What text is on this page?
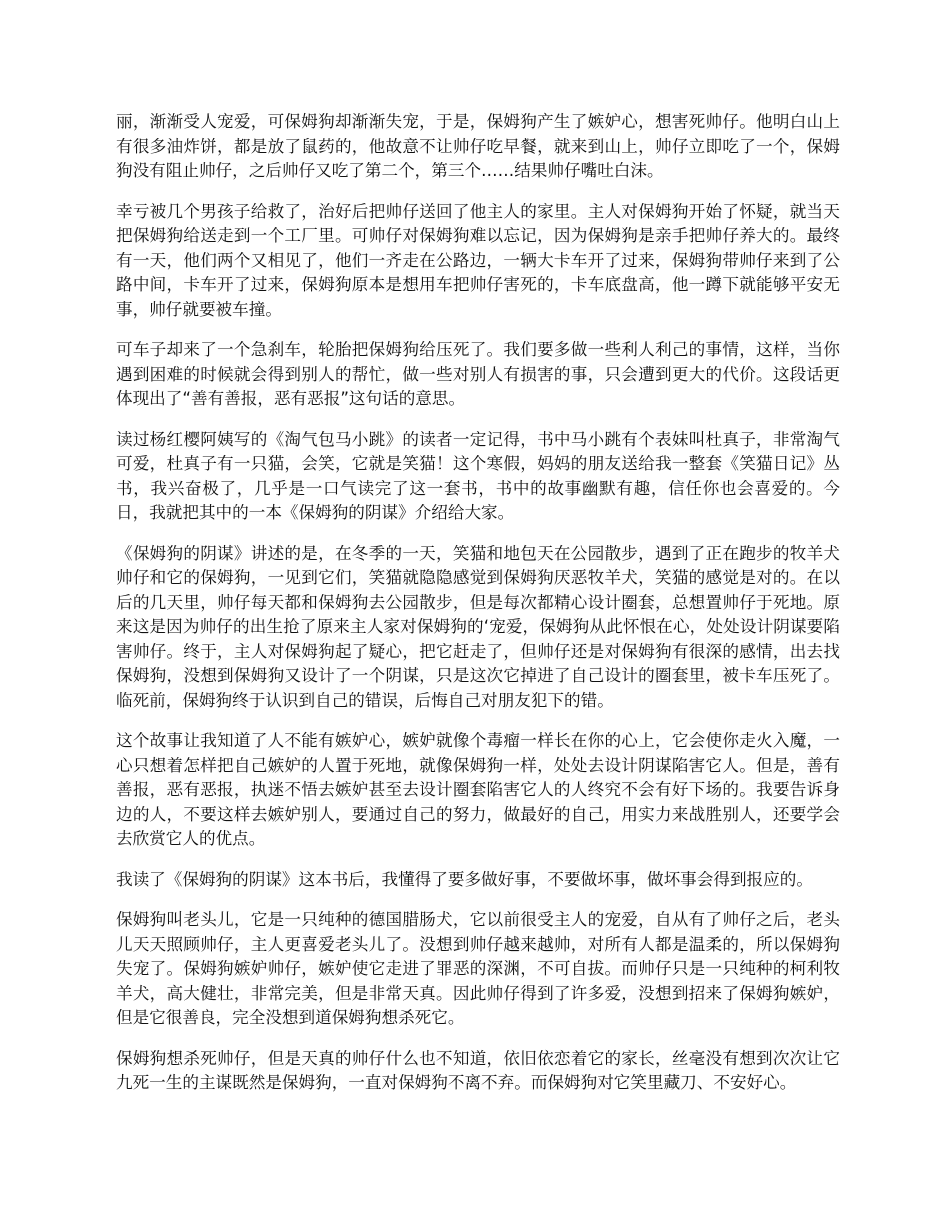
丽，渐渐受人宠爱，可保姆狗却渐渐失宠，于是，保姆狗产生了嫉妒心，想害死帅仔。他明白山上有很多油炸饼，都是放了鼠药的，他故意不让帅仔吃早餐，就来到山上，帅仔立即吃了一个，保姆狗没有阻止帅仔，之后帅仔又吃了第二个，第三个……结果帅仔嘴吐白沫。

幸亏被几个男孩子给救了，治好后把帅仔送回了他主人的家里。主人对保姆狗开始了怀疑，就当天把保姆狗给送走到一个工厂里。可帅仔对保姆狗难以忘记，因为保姆狗是亲手把帅仔养大的。最终有一天，他们两个又相见了，他们一齐走在公路边，一辆大卡车开了过来，保姆狗带帅仔来到了公路中间，卡车开了过来，保姆狗原本是想用车把帅仔害死的，卡车底盘高，他一蹲下就能够平安无事，帅仔就要被车撞。

可车子却来了一个急刹车，轮胎把保姆狗给压死了。我们要多做一些利人利己的事情，这样，当你遇到困难的时候就会得到别人的帮忙，做一些对别人有损害的事，只会遭到更大的代价。这段话更体现出了“善有善报，恶有恶报”这句话的意思。

读过杨红樱阿姨写的《淘气包马小跳》的读者一定记得，书中马小跳有个表妹叫杜真子，非常淘气可爱，杜真子有一只猫，会笑，它就是笑猫！这个寒假，妈妈的朋友送给我一整套《笑猫日记》丛书，我兴奋极了，几乎是一口气读完了这一套书，书中的故事幽默有趣，信任你也会喜爱的。今日，我就把其中的一本《保姆狗的阴谋》介绍给大家。

《保姆狗的阴谋》讲述的是，在冬季的一天，笑猫和地包天在公园散步，遇到了正在跑步的牧羊犬帅仔和它的保姆狗，一见到它们，笑猫就隐隐感觉到保姆狗厌恶牧羊犬，笑猫的感觉是对的。在以后的几天里，帅仔每天都和保姆狗去公园散步，但是每次都精心设计圈套，总想置帅仔于死地。原来这是因为帅仔的出生抢了原来主人家对保姆狗的‘宠爱，保姆狗从此怀恨在心，处处设计阴谋要陷害帅仔。终于，主人对保姆狗起了疑心，把它赶走了，但帅仔还是对保姆狗有很深的感情，出去找保姆狗，没想到保姆狗又设计了一个阴谋，只是这次它掉进了自己设计的圈套里，被卡车压死了。临死前，保姆狗终于认识到自己的错误，后悔自己对朋友犯下的错。

这个故事让我知道了人不能有嫉妒心，嫉妒就像个毒瘤一样长在你的心上，它会使你走火入魔，一心只想着怎样把自己嫉妒的人置于死地，就像保姆狗一样，处处去设计阴谋陷害它人。但是，善有善报，恶有恶报，执迷不悟去嫉妒甚至去设计圈套陷害它人的人终究不会有好下场的。我要告诉身边的人，不要这样去嫉妒别人，要通过自己的努力，做最好的自己，用实力来战胜别人，还要学会去欣赏它人的优点。

我读了《保姆狗的阴谋》这本书后，我懂得了要多做好事，不要做坏事，做坏事会得到报应的。

保姆狗叫老头儿，它是一只纯种的德国腊肠犬，它以前很受主人的宠爱，自从有了帅仔之后，老头儿天天照顾帅仔，主人更喜爱老头儿了。没想到帅仔越来越帅，对所有人都是温柔的，所以保姆狗失宠了。保姆狗嫉妒帅仔，嫉妒使它走进了罪恶的深渊，不可自拔。而帅仔只是一只纯种的柯利牧羊犬，高大健壮，非常完美，但是非常天真。因此帅仔得到了许多爱，没想到招来了保姆狗嫉妒，但是它很善良，完全没想到道保姆狗想杀死它。

保姆狗想杀死帅仔，但是天真的帅仔什么也不知道，依旧依恋着它的家长，丝毫没有想到次次让它九死一生的主谋既然是保姆狗，一直对保姆狗不离不弃。而保姆狗对它笑里藏刀、不安好心。
